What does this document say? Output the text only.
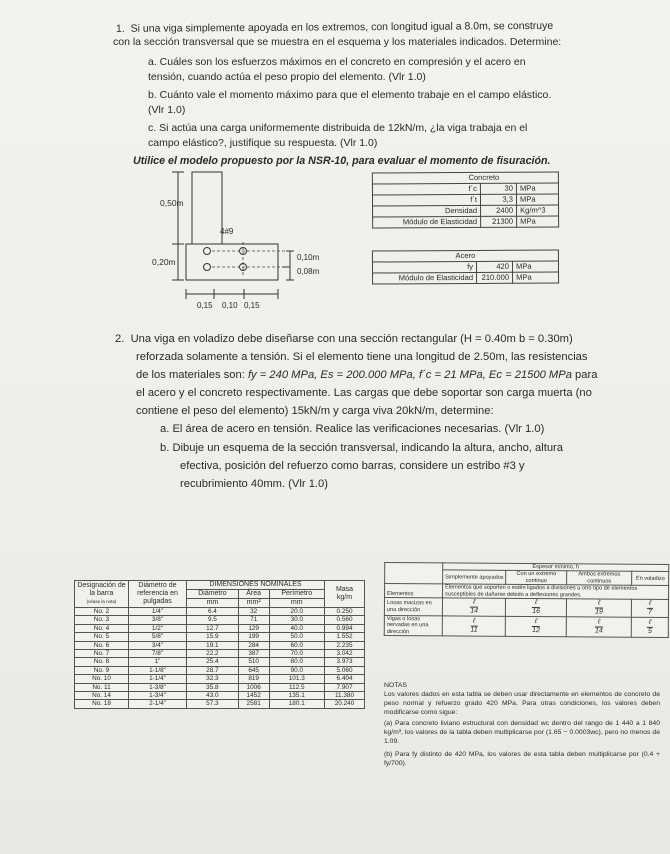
1. Si una viga simplemente apoyada en los extremos, con longitud igual a 8.0m, se construye
con la sección transversal que se muestra en el esquema y los materiales indicados. Determine:
a. Cuáles son los esfuerzos máximos en el concreto en compresión y el acero en
tensión, cuando actúa el peso propio del elemento. (Vlr 1.0)
b. Cuánto vale el momento máximo para que el elemento trabaje en el campo elástico.
(Vlr 1.0)
c. Si actúa una carga uniformemente distribuida de 12kN/m, ¿la viga trabaja en el
campo elástico?, justifique su respuesta. (Vlr 1.0)
Utilice el modelo propuesto por la NSR-10, para evaluar el momento de fisuración.
0,50m
4#9
0,20m	0,10m
0,08m
0,15 0,10 0,15
Concreto		
f´c	30	MPa
f´t	3,3	MPa
Densidad	2400	Kg/m^3
Módulo de Elasticidad	21300	MPa
Acero		
fy	420	MPa
Módulo de Elasticidad	210.000	MPa
2. Una viga en voladizo debe diseñarse con una sección rectangular (H = 0.40m b = 0.30m)
reforzada solamente a tensión. Si el elemento tiene una longitud de 2.50m, las resistencias
de los materiales son: fy = 240 MPa, Es = 200.000 MPa, f´c = 21 MPa, Ec = 21500 MPa para
el acero y el concreto respectivamente. Las cargas que debe soportar son carga muerta (no
contiene el peso del elemento) 15kN/m y carga viva 20kN/m, determine:
a. El área de acero en tensión. Realice las verificaciones necesarias. (Vlr 1.0)
b. Dibuje un esquema de la sección transversal, indicando la altura, ancho, altura
efectiva, posición del refuerzo como barras, considere un estribo #3 y
recubrimiento 40mm. (Vlr 1.0)
Designación de la barra
(véase la nota)	Diámetro de referencia en pulgadas	DIMENSIONES NOMINALES			Masa
kg/m
		Diámetro	Área	Perímetro	
		mm	mm²	mm	
No. 2	1/4"	6.4	32	20.0	0.250
No. 3	3/8"	9.5	71	30.0	0.560
No. 4	1/2"	12.7	129	40.0	0.994
No. 5	5/8"	15.9	199	50.0	1.552
No. 6	3/4"	19.1	284	60.0	2.235
No. 7	7/8"	22.2	387	70.0	3.042
No. 8	1"	25.4	510	80.0	3.973
No. 9	1-1/8"	28.7	645	90.0	5.060
No. 10	1-1/4"	32.3	819	101.3	6.404
No. 11	1-3/8"	35.8	1006	112.5	7.907
No. 14	1-3/4"	43.0	1452	135.1	11.380
No. 18	2-1/4"	57.3	2581	180.1	20.240
	Espesor mínimo, h			
	Simplemente apoyados	Con un extremo continuo	Ambos extremos continuos	En voladizo
Elementos	Elementos que soporten o estén ligados a divisiones u otro tipo de elementos susceptibles de dañarse debido a deflexiones grandes.			
Losas macizas en una dirección	$\frac{\text{ℓ}}{14}$	$\frac{\text{ℓ}}{16}$	$\frac{\text{ℓ}}{19}$	$\frac{\text{ℓ}}{7}$

Vigas o losas nervadas en una dirección	$\frac{\text{ℓ}}{11}$	$\frac{\text{ℓ}}{12}$	$\frac{\text{ℓ}}{14}$	$\frac{\text{ℓ}}{5}$
NOTAS
Los valores dados en esta tabla se deben usar directamente en elementos de concreto de peso normal y refuerzo grado 420 MPa. Para otras condiciones, los valores deben modificarse como sigue:
(a) Para concreto liviano estructural con densidad wc dentro del rango de 1 440 a 1 840 kg/m³, los valores de la tabla deben multiplicarse por (1.65 − 0.0003wc), pero no menos de 1.09.
(b) Para fy distinto de 420 MPa, los valores de esta tabla deben multiplicarse por (0.4 + fy/700).
